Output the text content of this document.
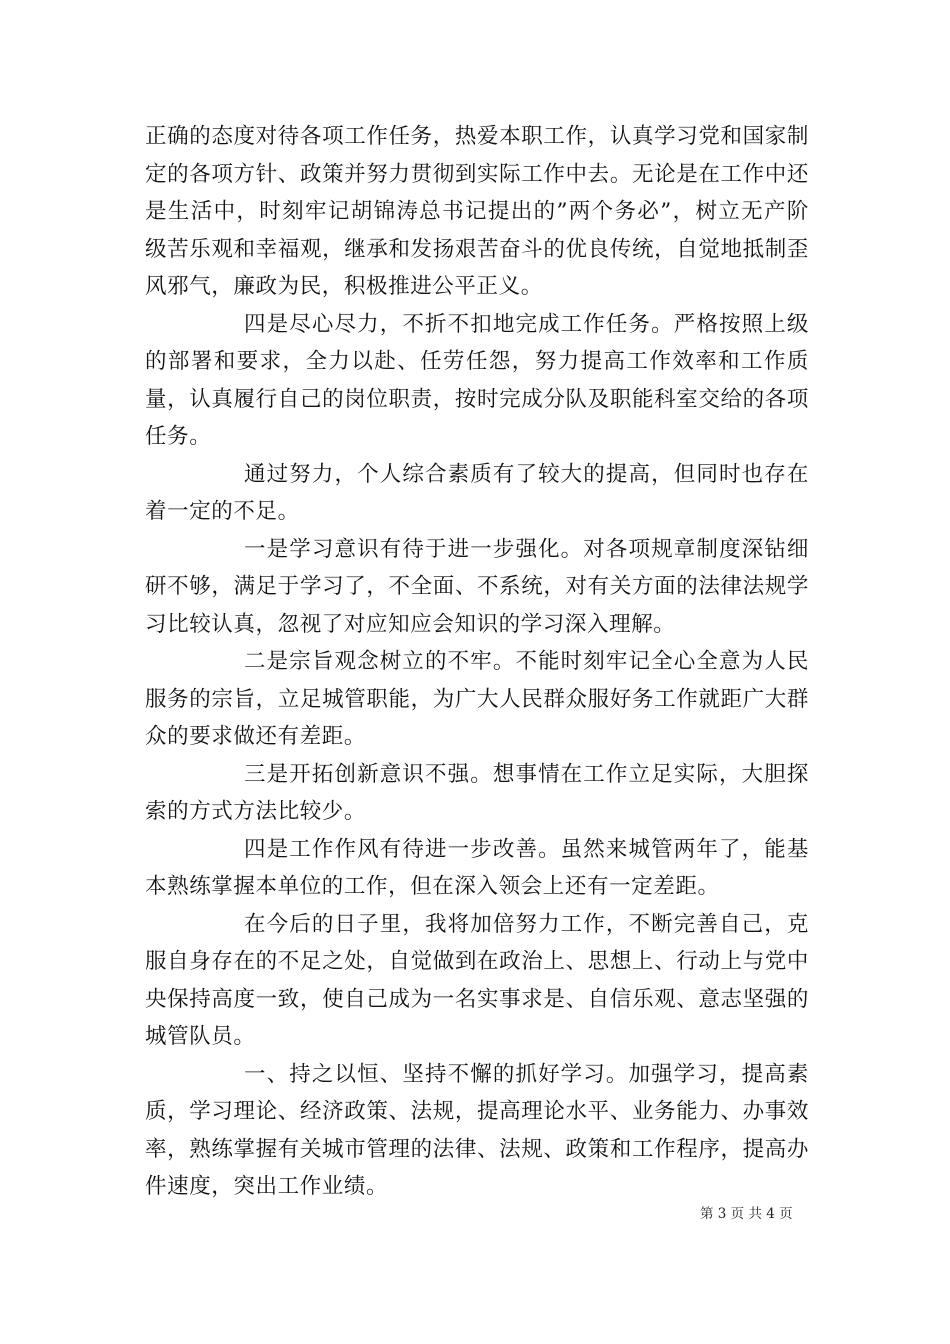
正确的态度对待各项工作任务，热爱本职工作，认真学习党和国家制定的各项方针、政策并努力贯彻到实际工作中去。无论是在工作中还是生活中，时刻牢记胡锦涛总书记提出的”两个务必”，树立无产阶级苦乐观和幸福观，继承和发扬艰苦奋斗的优良传统，自觉地抵制歪风邪气，廉政为民，积极推进公平正义。

四是尽心尽力，不折不扣地完成工作任务。严格按照上级的部署和要求，全力以赴、任劳任怨，努力提高工作效率和工作质量，认真履行自己的岗位职责，按时完成分队及职能科室交给的各项任务。

通过努力，个人综合素质有了较大的提高，但同时也存在着一定的不足。

一是学习意识有待于进一步强化。对各项规章制度深钻细研不够，满足于学习了，不全面、不系统，对有关方面的法律法规学习比较认真，忽视了对应知应会知识的学习深入理解。

二是宗旨观念树立的不牢。不能时刻牢记全心全意为人民服务的宗旨，立足城管职能，为广大人民群众服好务工作就距广大群众的要求做还有差距。

三是开拓创新意识不强。想事情在工作立足实际，大胆探索的方式方法比较少。

四是工作作风有待进一步改善。虽然来城管两年了，能基本熟练掌握本单位的工作，但在深入领会上还有一定差距。

在今后的日子里，我将加倍努力工作，不断完善自己，克服自身存在的不足之处，自觉做到在政治上、思想上、行动上与党中央保持高度一致，使自己成为一名实事求是、自信乐观、意志坚强的城管队员。

一、持之以恒、坚持不懈的抓好学习。加强学习，提高素质，学习理论、经济政策、法规，提高理论水平、业务能力、办事效率，熟练掌握有关城市管理的法律、法规、政策和工作程序，提高办件速度，突出工作业绩。

第 3 页 共 4 页
